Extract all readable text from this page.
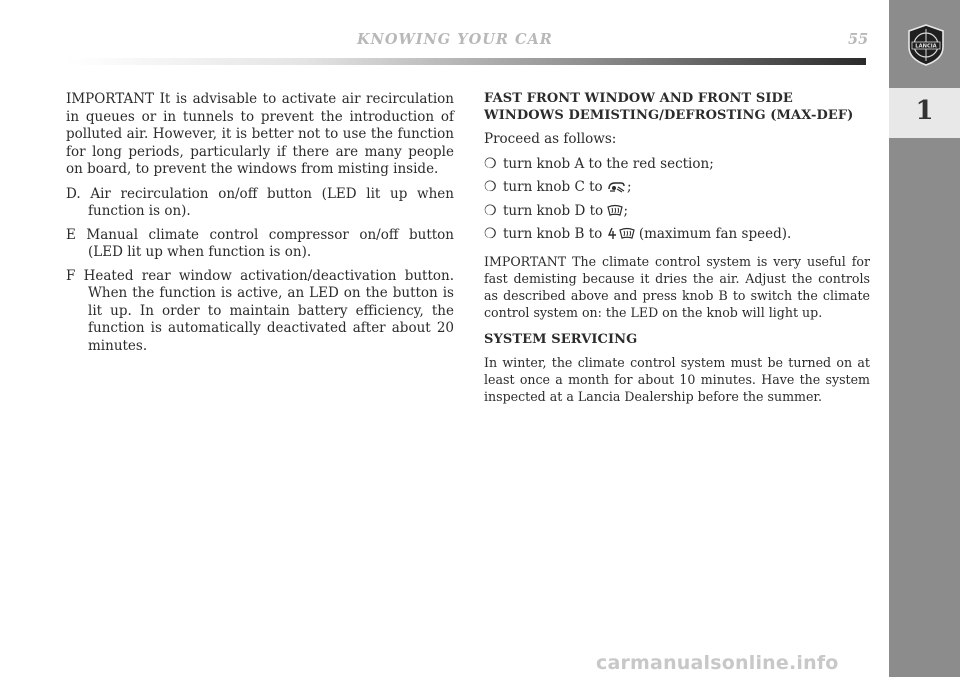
KNOWING YOUR CAR	55
1
LANCIA

IMPORTANT It is advisable to activate air recirculation in queues or in tunnels to prevent the introduction of polluted air. However, it is better not to use the function for long periods, particularly if there are many people on board, to prevent the windows from misting inside.

D. Air recirculation on/off button (LED lit up when function is on).
E Manual climate control compressor on/off button (LED lit up when function is on).
F Heated rear window activation/deactivation button. When the function is active, an LED on the button is lit up. In order to maintain battery efficiency, the function is automatically deactivated after about 20 minutes.
FAST FRONT WINDOW AND FRONT SIDE WINDOWS DEMISTING/DEFROSTING (MAX-DEF)

Proceed as follows:

❍ turn knob A to the red section;
❍ turn knob C to ;
❍ turn knob D to ;
❍ turn knob B to  (maximum fan speed).

IMPORTANT The climate control system is very useful for fast demisting because it dries the air. Adjust the controls as described above and press knob B to switch the climate control system on: the LED on the knob will light up.

SYSTEM SERVICING

In winter, the climate control system must be turned on at least once a month for about 10 minutes. Have the system inspected at a Lancia Dealership before the summer.

carmanualsonline.info
